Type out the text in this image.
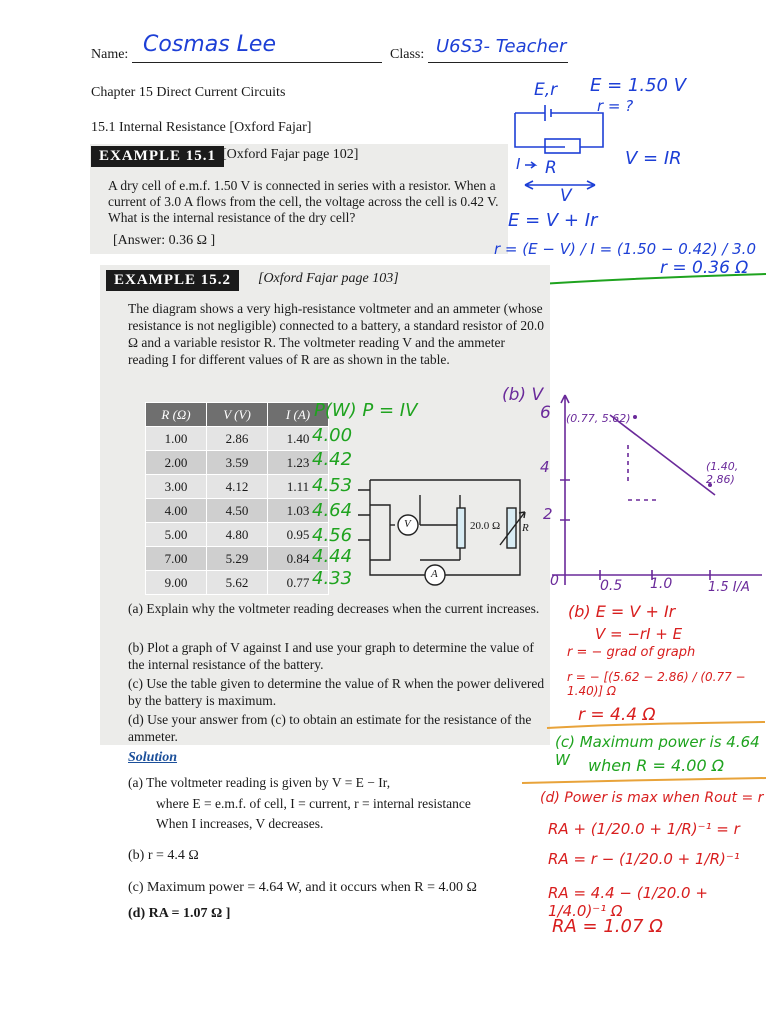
Name: Cosmas Lee	Class: U6S3- Teacher
Chapter 15 Direct Current Circuits
15.1 Internal Resistance [Oxford Fajar]
EXAMPLE 15.1 [Oxford Fajar page 102]
A dry cell of e.m.f. 1.50 V is connected in series with a resistor. When a current of 3.0 A flows from the cell, the voltage across the cell is 0.42 V. What is the internal resistance of the dry cell?
[Answer: 0.36 Ω ]
E,r E = 1.50 V
r = ?
I R	V = IR
V
E = V + Ir
r = (E − V) / I = (1.50 − 0.42) / 3.0
r = 0.36 Ω
EXAMPLE 15.2	[Oxford Fajar page 103]
The diagram shows a very high-resistance voltmeter and an ammeter (whose resistance is not negligible) connected to a battery, a standard resistor of 20.0 Ω and a variable resistor R. The voltmeter reading V and the ammeter reading I for different values of R are as shown in the table.
R (Ω)	V (V)	I (A)
1.00	2.86	1.40
2.00	3.59	1.23
3.00	4.12	1.11
4.00	4.50	1.03
5.00	4.80	0.95
7.00	5.29	0.84
9.00	5.62	0.77
P(W) P = IV
4.00
4.42
4.53
4.64
4.56
4.44
4.33
V
A
20.0 Ω R
(a) Explain why the voltmeter reading decreases when the current increases.
(b) Plot a graph of V against I and use your graph to determine the value of the internal resistance of the battery.
(c) Use the table given to determine the value of R when the power delivered by the battery is maximum.
(d) Use your answer from (c) to obtain an estimate for the resistance of the ammeter.
Solution
(a) The voltmeter reading is given by V = E − Ir,
where E = e.m.f. of cell, I = current, r = internal resistance
When I increases, V decreases.
(b) r = 4.4 Ω
(c) Maximum power = 4.64 W, and it occurs when R = 4.00 Ω
(d) RA = 1.07 Ω ]
(b) V
6
4
2
0	0.5 1.0	1.5 I/A
(0.77, 5.62)
(1.40, 2.86)
(b) E = V + Ir
V = −rI + E
r = − grad of graph
r = − [(5.62 − 2.86) / (0.77 − 1.40)] Ω
r = 4.4 Ω
(c) Maximum power is 4.64 W	when R = 4.00 Ω
(d) Power is max when Rout = r
RA + (1/20.0 + 1/R)⁻¹ = r
RA = r − (1/20.0 + 1/R)⁻¹
RA = 4.4 − (1/20.0 + 1/4.0)⁻¹ Ω
RA = 1.07 Ω
